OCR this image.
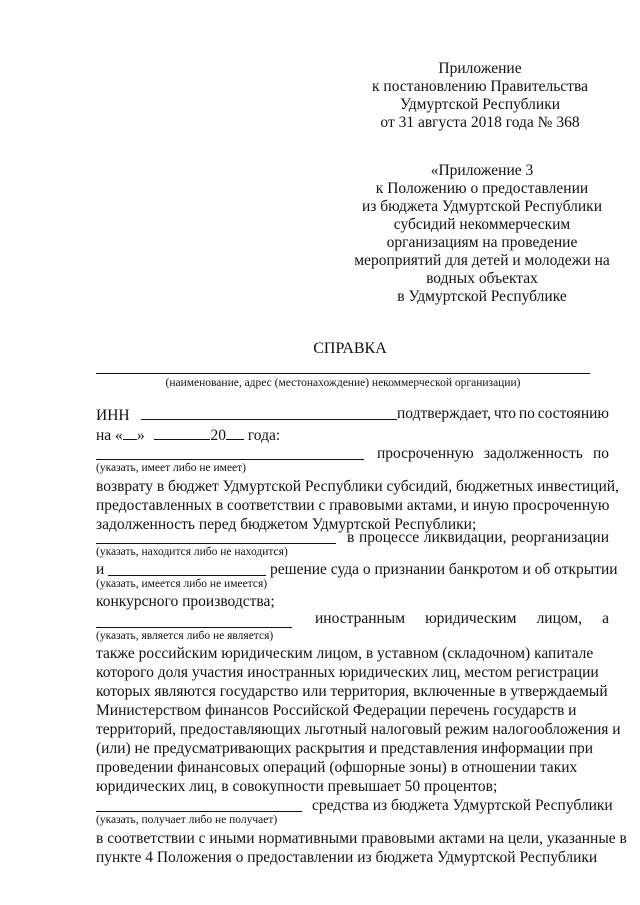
Приложение
к постановлению Правительства
Удмуртской Республики
от 31 августа 2018 года № 368
«Приложение 3
к Положению о предоставлении
из бюджета Удмуртской Республики
субсидий некоммерческим
организациям на проведение
мероприятий для детей и молодежи на
водных объектах
в Удмуртской Республике
СПРАВКА
(наименование, адрес (местонахождение) некоммерческой организации)
ИНН	подтверждает, что по состоянию
на « »	20 года:
просроченную задолженность по
(указать, имеет либо не имеет)
возврату в бюджет Удмуртской Республики субсидий, бюджетных инвестиций,
предоставленных в соответствии с правовыми актами, и иную просроченную
задолженность перед бюджетом Удмуртской Республики;
в процессе ликвидации, реорганизации
(указать, находится либо не находится)
и	решение суда о признании банкротом и об открытии
(указать, имеется либо не имеется)
конкурсного производства;
иностранным юридическим лицом, а
(указать, является либо не является)
также российским юридическим лицом, в уставном (складочном) капитале
которого доля участия иностранных юридических лиц, местом регистрации
которых являются государство или территория, включенные в утверждаемый
Министерством финансов Российской Федерации перечень государств и
территорий, предоставляющих льготный налоговый режим налогообложения и
(или) не предусматривающих раскрытия и представления информации при
проведении финансовых операций (офшорные зоны) в отношении таких
юридических лиц, в совокупности превышает 50 процентов;
средства из бюджета Удмуртской Республики
(указать, получает либо не получает)
в соответствии с иными нормативными правовыми актами на цели, указанные в
пункте 4 Положения о предоставлении из бюджета Удмуртской Республики
